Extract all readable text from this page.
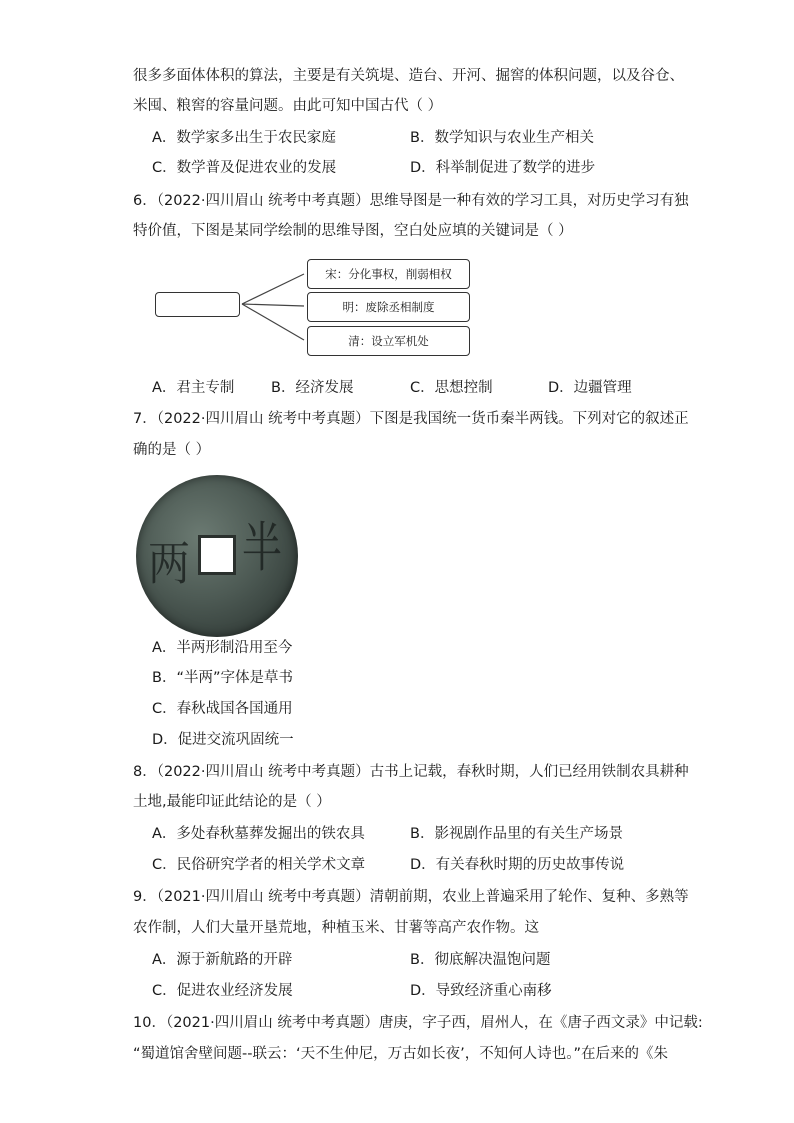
很多多面体体积的算法，主要是有关筑堤、造台、开河、掘窖的体积问题，以及谷仓、
米囤、粮窖的容量问题。由此可知中国古代（ ）
A．数学家多出生于农民家庭	B．数学知识与农业生产相关
C．数学普及促进农业的发展	D．科举制促进了数学的进步
6．（2022·四川眉山 统考中考真题）思维导图是一种有效的学习工具，对历史学习有独
特价值，下图是某同学绘制的思维导图，空白处应填的关键词是（ ）
宋：分化事权，削弱相权
明：废除丞相制度
清：设立军机处
A．君主专制	B．经济发展	C．思想控制	D．边疆管理
7．（2022·四川眉山 统考中考真题）下图是我国统一货币秦半两钱。下列对它的叙述正
确的是（ ）
两 半
A．半两形制沿用至今
B．“半两”字体是草书
C．春秋战国各国通用
D．促进交流巩固统一
8．（2022·四川眉山 统考中考真题）古书上记载，春秋时期，人们已经用铁制农具耕种
土地,最能印证此结论的是（ ）
A．多处春秋墓葬发掘出的铁农具	B．影视剧作品里的有关生产场景
C．民俗研究学者的相关学术文章	D．有关春秋时期的历史故事传说
9．（2021·四川眉山 统考中考真题）清朝前期，农业上普遍采用了轮作、复种、多熟等
农作制，人们大量开垦荒地，种植玉米、甘薯等高产农作物。这
A．源于新航路的开辟	B．彻底解决温饱问题
C．促进农业经济发展	D．导致经济重心南移
10．（2021·四川眉山 统考中考真题）唐庚，字子西，眉州人，在《唐子西文录》中记载:
“蜀道馆舍壁间题--联云：‘天不生仲尼，万古如长夜’，不知何人诗也。”在后来的《朱
